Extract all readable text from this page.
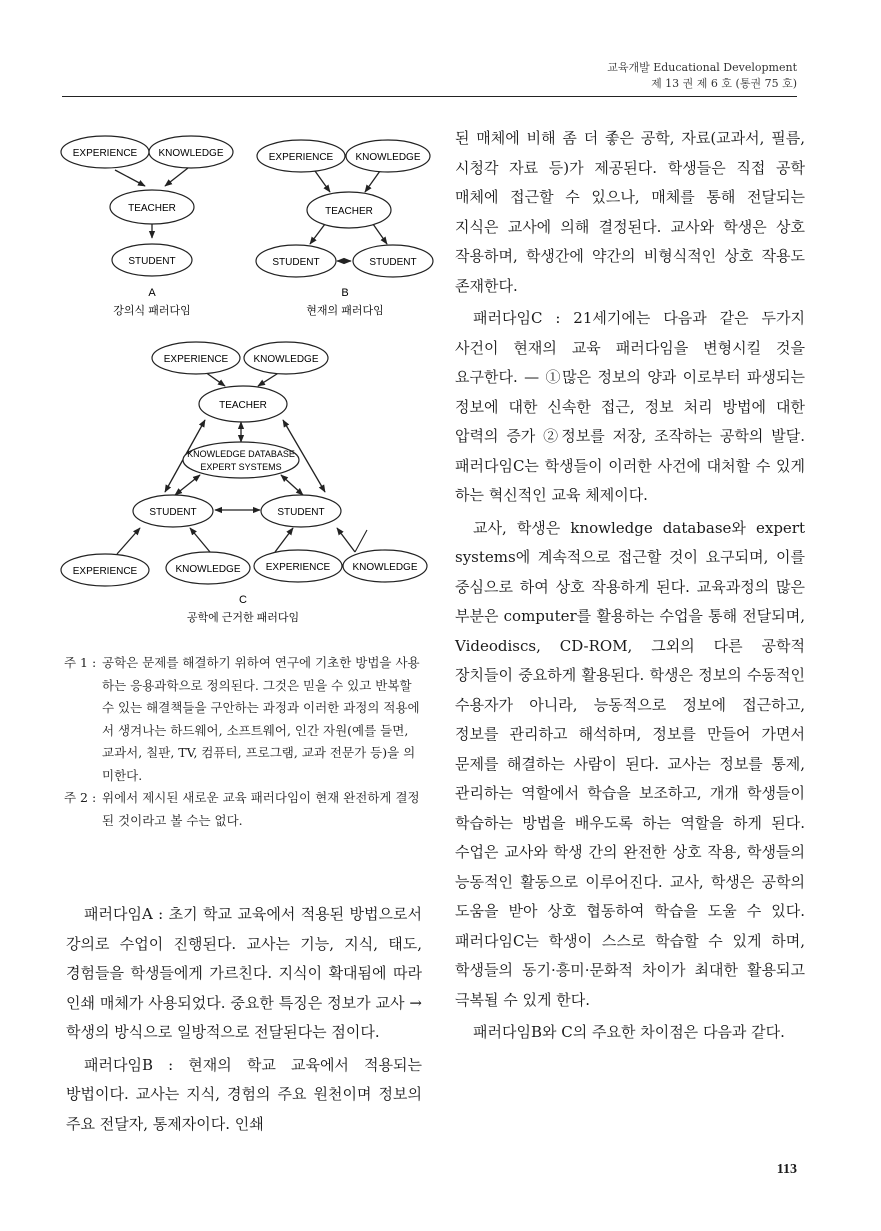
교육개발 Educational Development
제 13 권 제 6 호 (통권 75 호)
EXPERIENCE KNOWLEDGE
TEACHER
STUDENT
A
강의식 패러다임
EXPERIENCE KNOWLEDGE
TEACHER
STUDENT	STUDENT
B
현재의 패러다임
EXPERIENCE	KNOWLEDGE
TEACHER
KNOWLEDGE DATABASE
EXPERT SYSTEMS
STUDENT	STUDENT
EXPERIENCE	KNOWLEDGE	EXPERIENCE KNOWLEDGE
C
공학에 근거한 패러다임
주 1 : 공학은 문제를 해결하기 위하여 연구에 기초한 방법을 사용하는 응용과학으로 정의된다. 그것은 믿을 수 있고 반복할 수 있는 해결책들을 구안하는 과정과 이러한 과정의 적용에서 생겨나는 하드웨어, 소프트웨어, 인간 자원(예를 들면, 교과서, 칠판, TV, 컴퓨터, 프로그램, 교과 전문가 등)을 의미한다.
주 2 : 위에서 제시된 새로운 교육 패러다임이 현재 완전하게 결정된 것이라고 볼 수는 없다.

패러다임A : 초기 학교 교육에서 적용된 방법으로서 강의로 수업이 진행된다. 교사는 기능, 지식, 태도, 경험들을 학생들에게 가르친다. 지식이 확대됨에 따라 인쇄 매체가 사용되었다. 중요한 특징은 정보가 교사 → 학생의 방식으로 일방적으로 전달된다는 점이다.

패러다임B : 현재의 학교 교육에서 적용되는 방법이다. 교사는 지식, 경험의 주요 원천이며 정보의 주요 전달자, 통제자이다. 인쇄

된 매체에 비해 좀 더 좋은 공학, 자료(교과서, 필름, 시청각 자료 등)가 제공된다. 학생들은 직접 공학 매체에 접근할 수 있으나, 매체를 통해 전달되는 지식은 교사에 의해 결정된다. 교사와 학생은 상호 작용하며, 학생간에 약간의 비형식적인 상호 작용도 존재한다.

패러다임C : 21세기에는 다음과 같은 두가지 사건이 현재의 교육 패러다임을 변형시킬 것을 요구한다. — ①많은 정보의 양과 이로부터 파생되는 정보에 대한 신속한 접근, 정보 처리 방법에 대한 압력의 증가 ②정보를 저장, 조작하는 공학의 발달. 패러다임C는 학생들이 이러한 사건에 대처할 수 있게 하는 혁신적인 교육 체제이다.

교사, 학생은 knowledge database와 expert systems에 계속적으로 접근할 것이 요구되며, 이를 중심으로 하여 상호 작용하게 된다. 교육과정의 많은 부분은 computer를 활용하는 수업을 통해 전달되며, Videodiscs, CD-ROM, 그외의 다른 공학적 장치들이 중요하게 활용된다. 학생은 정보의 수동적인 수용자가 아니라, 능동적으로 정보에 접근하고, 정보를 관리하고 해석하며, 정보를 만들어 가면서 문제를 해결하는 사람이 된다. 교사는 정보를 통제, 관리하는 역할에서 학습을 보조하고, 개개 학생들이 학습하는 방법을 배우도록 하는 역할을 하게 된다. 수업은 교사와 학생 간의 완전한 상호 작용, 학생들의 능동적인 활동으로 이루어진다. 교사, 학생은 공학의 도움을 받아 상호 협동하여 학습을 도울 수 있다. 패러다임C는 학생이 스스로 학습할 수 있게 하며, 학생들의 동기·흥미·문화적 차이가 최대한 활용되고 극복될 수 있게 한다.

패러다임B와 C의 주요한 차이점은 다음과 같다.

113
